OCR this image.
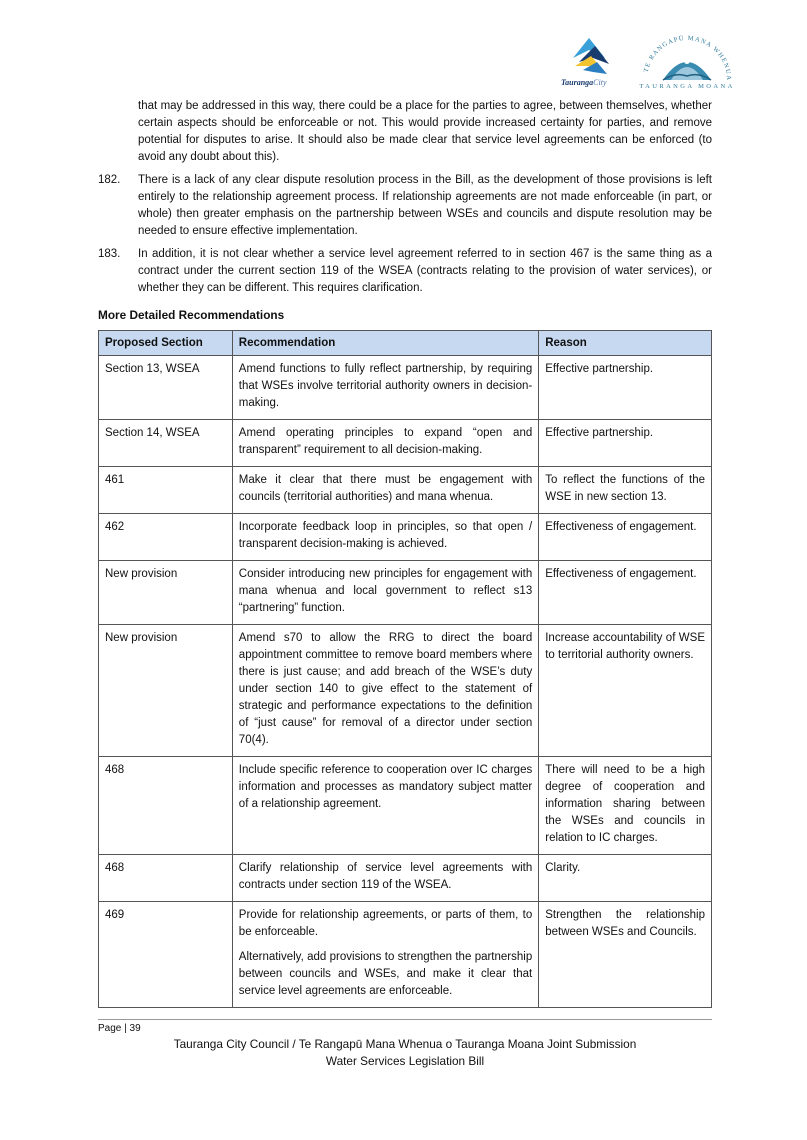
TaurangaCity
TE RANGAPŪ MANA WHENUA
TAURANGA MOANA

that may be addressed in this way, there could be a place for the parties to agree, between themselves, whether certain aspects should be enforceable or not. This would provide increased certainty for parties, and remove potential for disputes to arise. It should also be made clear that service level agreements can be enforced (to avoid any doubt about this).

182.	There is a lack of any clear dispute resolution process in the Bill, as the development of those provisions is left entirely to the relationship agreement process. If relationship agreements are not made enforceable (in part, or whole) then greater emphasis on the partnership between WSEs and councils and dispute resolution may be needed to ensure effective implementation.
183.	In addition, it is not clear whether a service level agreement referred to in section 467 is the same thing as a contract under the current section 119 of the WSEA (contracts relating to the provision of water services), or whether they can be different. This requires clarification.
More Detailed Recommendations
Proposed Section	Recommendation	Reason
Section 13, WSEA	Amend functions to fully reflect partnership, by requiring that WSEs involve territorial authority owners in decision-making.	Effective partnership.
Section 14, WSEA	Amend operating principles to expand “open and transparent” requirement to all decision-making.	Effective partnership.
461	Make it clear that there must be engagement with councils (territorial authorities) and mana whenua.	To reflect the functions of the WSE in new section 13.
462	Incorporate feedback loop in principles, so that open / transparent decision-making is achieved.	Effectiveness of engagement.
New provision	Consider introducing new principles for engagement with mana whenua and local government to reflect s13 “partnering” function.	Effectiveness of engagement.
New provision	Amend s70 to allow the RRG to direct the board appointment committee to remove board members where there is just cause; and add breach of the WSE’s duty under section 140 to give effect to the statement of strategic and performance expectations to the definition of “just cause” for removal of a director under section 70(4).	Increase accountability of WSE to territorial authority owners.
468	Include specific reference to cooperation over IC charges information and processes as mandatory subject matter of a relationship agreement.	There will need to be a high degree of cooperation and information sharing between the WSEs and councils in relation to IC charges.
468	Clarify relationship of service level agreements with contracts under section 119 of the WSEA.	Clarity.
469	Provide for relationship agreements, or parts of them, to be enforceable.

Alternatively, add provisions to strengthen the partnership between councils and WSEs, and make it clear that service level agreements are enforceable.	Strengthen the relationship between WSEs and Councils.
Page | 39
Tauranga City Council / Te Rangapū Mana Whenua o Tauranga Moana Joint Submission
Water Services Legislation Bill
